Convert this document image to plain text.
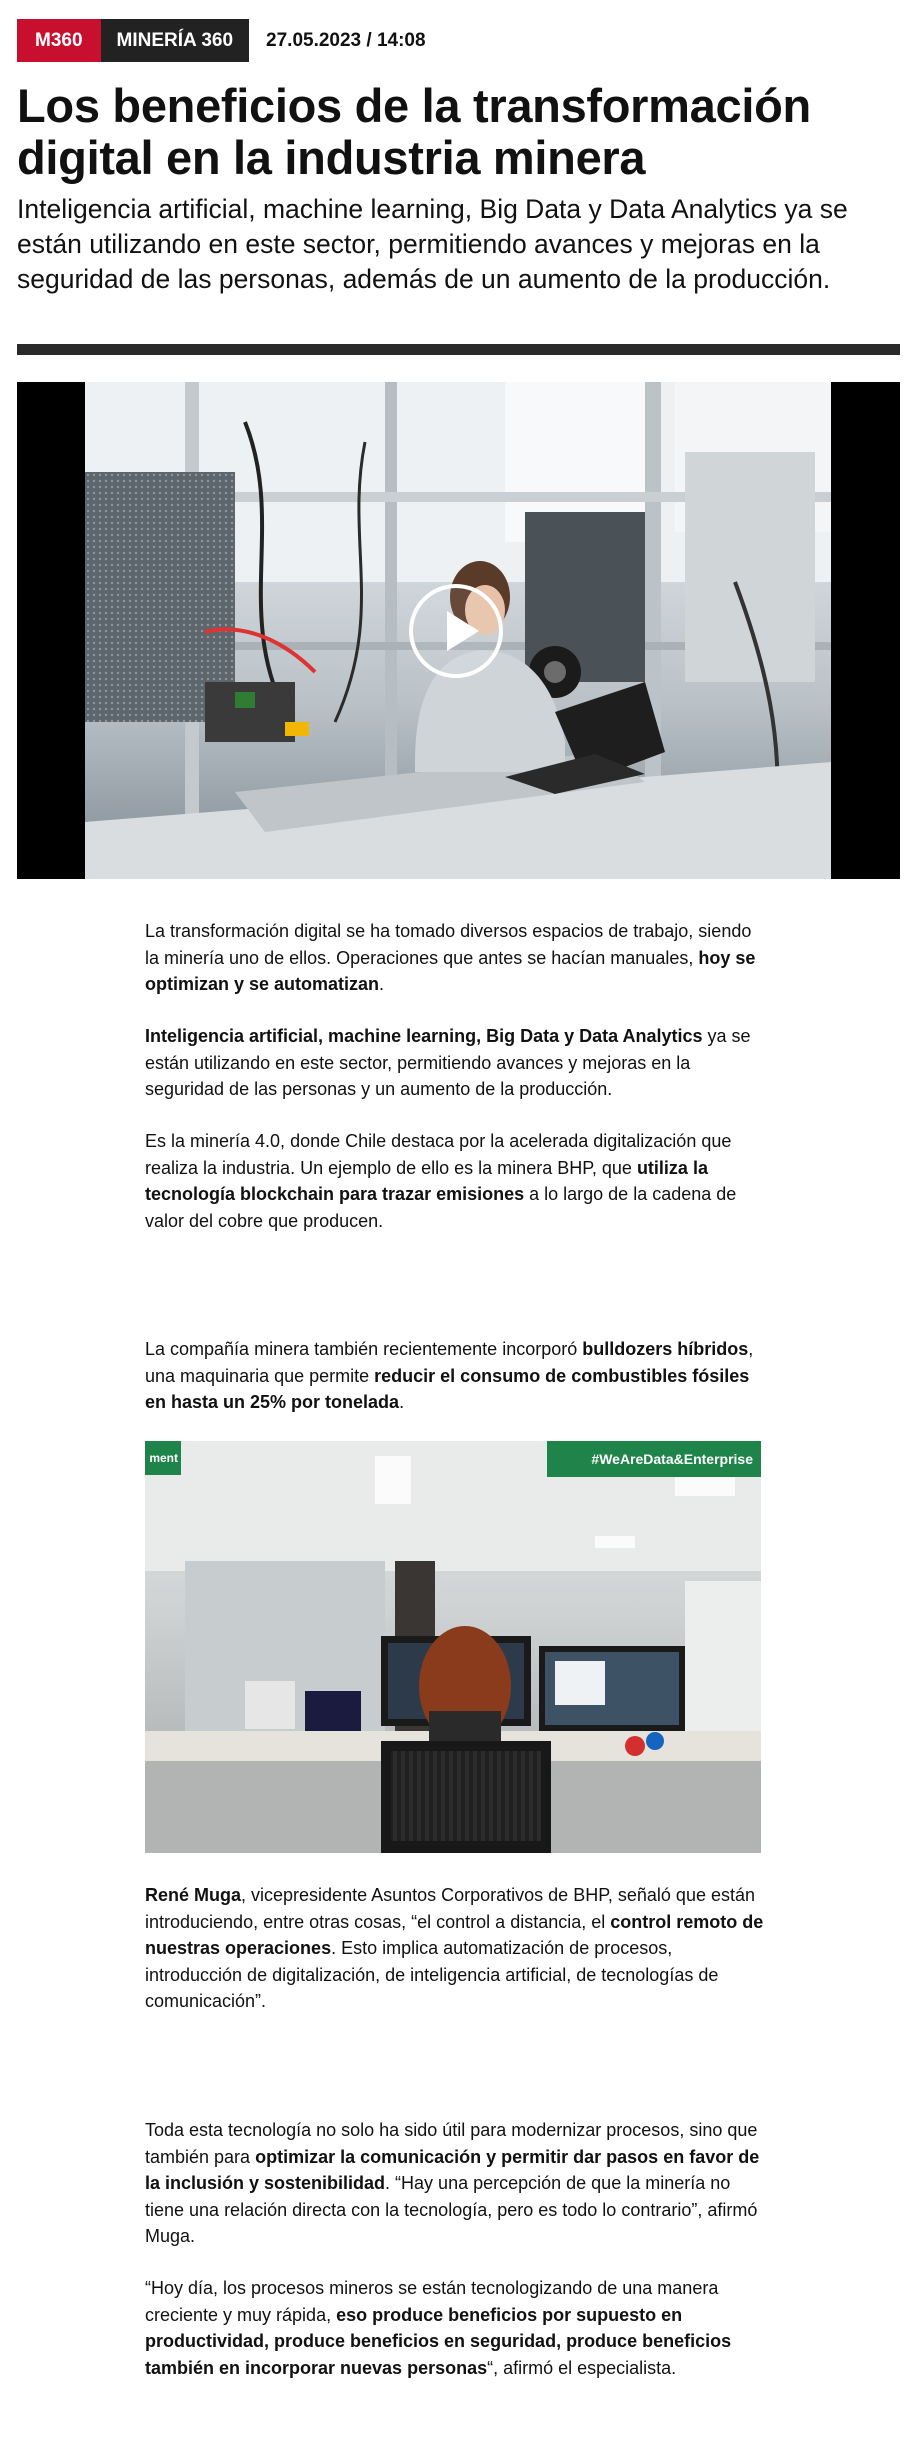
M360	MINERÍA 360	27.05.2023 / 14:08
Los beneficios de la transformación digital en la industria minera

Inteligencia artificial, machine learning, Big Data y Data Analytics ya se están utilizando en este sector, permitiendo avances y mejoras en la seguridad de las personas, además de un aumento de la producción.

La transformación digital se ha tomado diversos espacios de trabajo, siendo la minería uno de ellos. Operaciones que antes se hacían manuales, hoy se optimizan y se automatizan.

Inteligencia artificial, machine learning, Big Data y Data Analytics ya se están utilizando en este sector, permitiendo avances y mejoras en la seguridad de las personas y un aumento de la producción.

Es la minería 4.0, donde Chile destaca por la acelerada digitalización que realiza la industria. Un ejemplo de ello es la minera BHP, que utiliza la tecnología blockchain para trazar emisiones a lo largo de la cadena de valor del cobre que producen.

La compañía minera también recientemente incorporó bulldozers híbridos, una maquinaria que permite reducir el consumo de combustibles fósiles en hasta un 25% por tonelada.

ment	#WeAreData&Enterprise

René Muga, vicepresidente Asuntos Corporativos de BHP, señaló que están introduciendo, entre otras cosas, “el control a distancia, el control remoto de nuestras operaciones. Esto implica automatización de procesos, introducción de digitalización, de inteligencia artificial, de tecnologías de comunicación”.

Toda esta tecnología no solo ha sido útil para modernizar procesos, sino que también para optimizar la comunicación y permitir dar pasos en favor de la inclusión y sostenibilidad. “Hay una percepción de que la minería no tiene una relación directa con la tecnología, pero es todo lo contrario”, afirmó Muga.

“Hoy día, los procesos mineros se están tecnologizando de una manera creciente y muy rápida, eso produce beneficios por supuesto en productividad, produce beneficios en seguridad, produce beneficios también en incorporar nuevas personas“, afirmó el especialista.
